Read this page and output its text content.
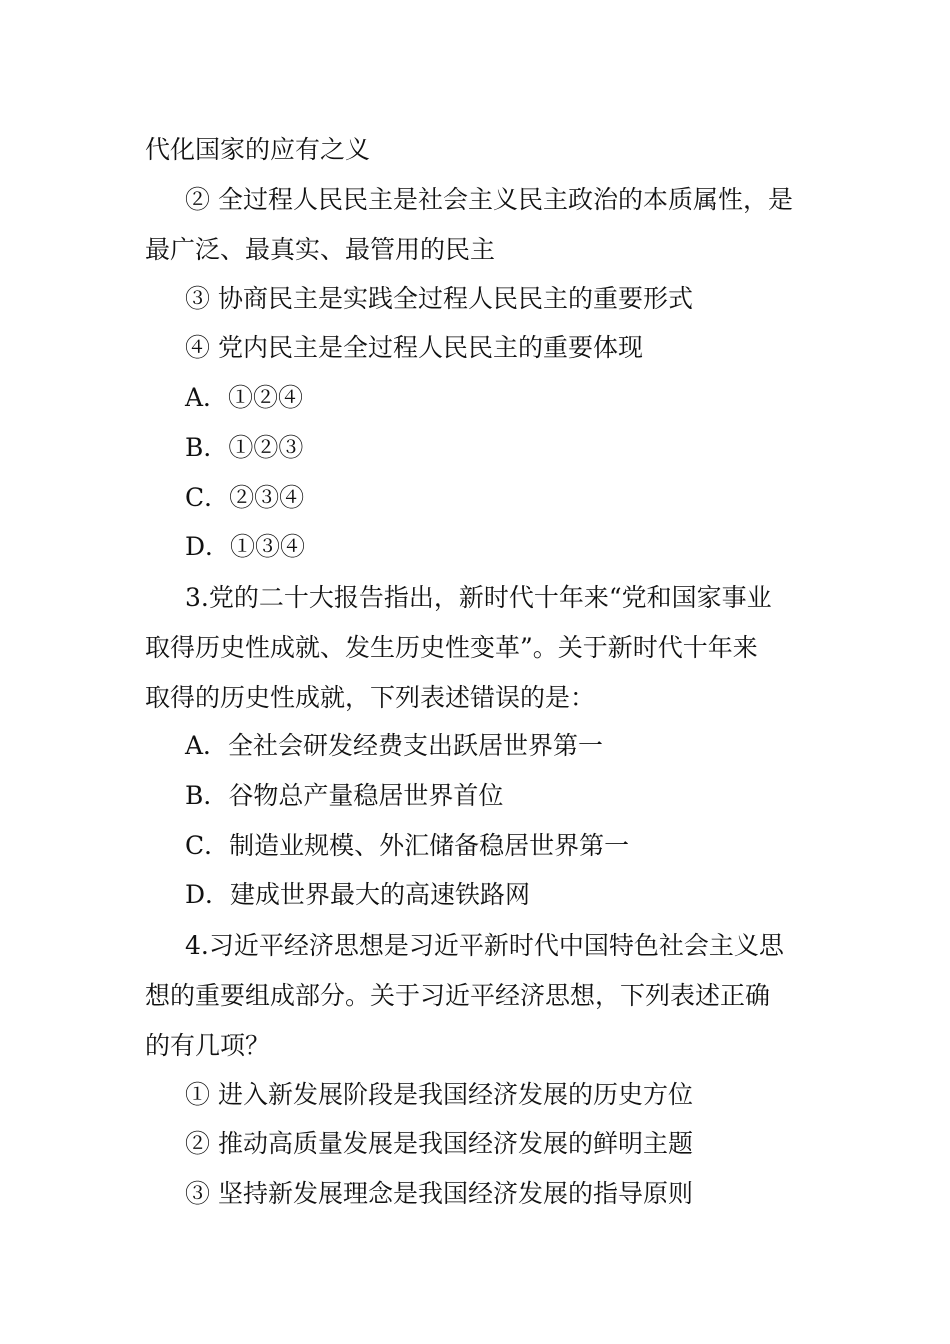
代化国家的应有之义
② 全过程人民民主是社会主义民主政治的本质属性，是
最广泛、最真实、最管用的民主
③ 协商民主是实践全过程人民民主的重要形式
④ 党内民主是全过程人民民主的重要体现
A．①②④
B．①②③
C．②③④
D．①③④
3.党的二十大报告指出，新时代十年来“党和国家事业
取得历史性成就、发生历史性变革”。关于新时代十年来
取得的历史性成就，下列表述错误的是：
A．全社会研发经费支出跃居世界第一
B．谷物总产量稳居世界首位
C．制造业规模、外汇储备稳居世界第一
D．建成世界最大的高速铁路网
4.习近平经济思想是习近平新时代中国特色社会主义思
想的重要组成部分。关于习近平经济思想，下列表述正确
的有几项？
① 进入新发展阶段是我国经济发展的历史方位
② 推动高质量发展是我国经济发展的鲜明主题
③ 坚持新发展理念是我国经济发展的指导原则
